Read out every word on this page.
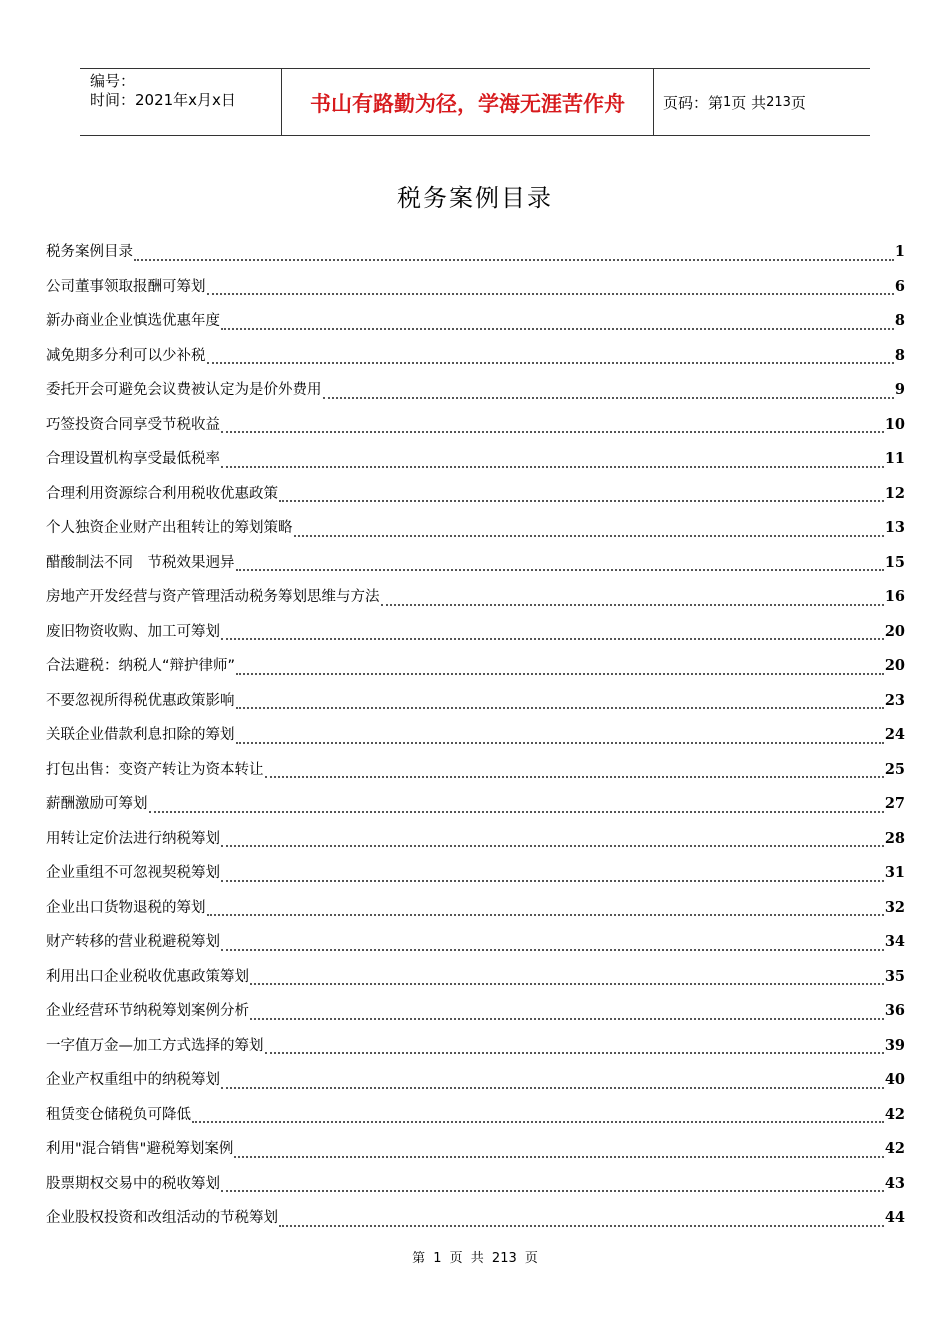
编号：
时间：2021年x月x日	书山有路勤为径，学海无涯苦作舟	页码：第 1 页 共 213 页
税务案例目录
税务案例目录	1
公司董事领取报酬可筹划	6
新办商业企业慎选优惠年度	8
减免期多分利可以少补税	8
委托开会可避免会议费被认定为是价外费用	9
巧签投资合同享受节税收益	10
合理设置机构享受最低税率	11
合理利用资源综合利用税收优惠政策	12
个人独资企业财产出租转让的筹划策略	13
醋酸制法不同　节税效果迥异	15
房地产开发经营与资产管理活动税务筹划思维与方法	16
废旧物资收购、加工可筹划	20
合法避税：纳税人“辩护律师”	20
不要忽视所得税优惠政策影响	23
关联企业借款利息扣除的筹划	24
打包出售：变资产转让为资本转让	25
薪酬激励可筹划	27
用转让定价法进行纳税筹划	28
企业重组不可忽视契税筹划	31
企业出口货物退税的筹划	32
财产转移的营业税避税筹划	34
利用出口企业税收优惠政策筹划	35
企业经营环节纳税筹划案例分析	36
一字值万金—加工方式选择的筹划	39
企业产权重组中的纳税筹划	40
租赁变仓储税负可降低	42
利用"混合销售"避税筹划案例	42
股票期权交易中的税收筹划	43
企业股权投资和改组活动的节税筹划	44
第 1 页 共 213 页
